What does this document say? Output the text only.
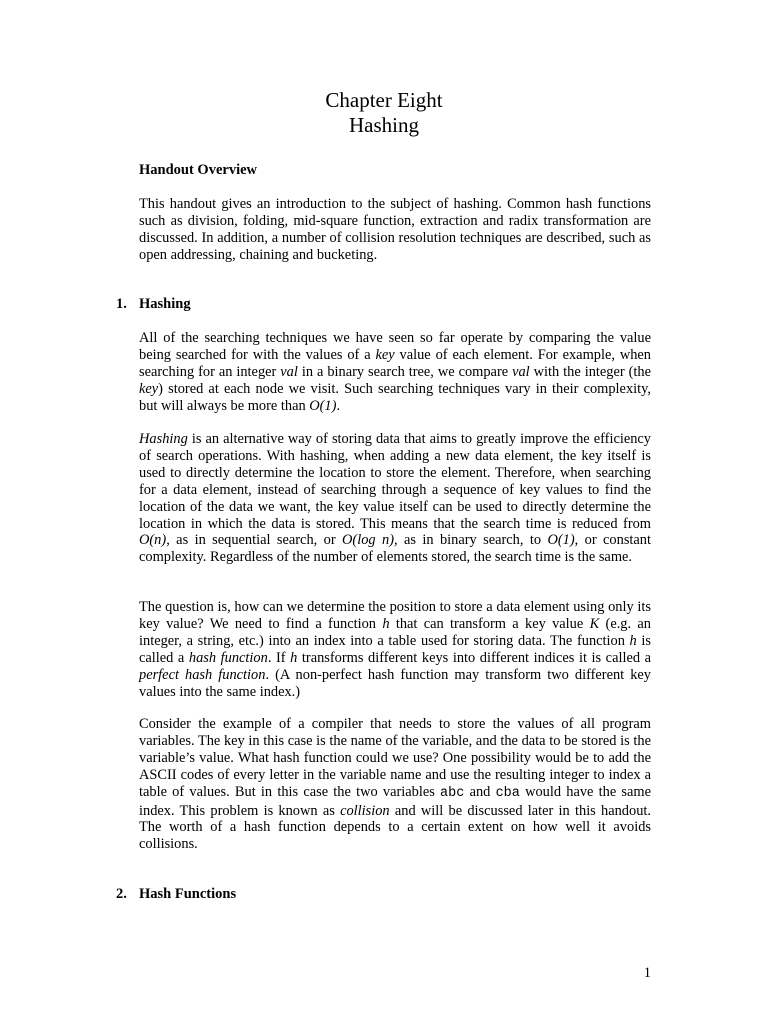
Chapter Eight
Hashing
Handout Overview

This handout gives an introduction to the subject of hashing. Common hash functions such as division, folding, mid-square function, extraction and radix transformation are discussed. In addition, a number of collision resolution techniques are described, such as open addressing, chaining and bucketing.

1. Hashing

All of the searching techniques we have seen so far operate by comparing the value being searched for with the values of a key value of each element. For example, when searching for an integer val in a binary search tree, we compare val with the integer (the key) stored at each node we visit. Such searching techniques vary in their complexity, but will always be more than O(1).

Hashing is an alternative way of storing data that aims to greatly improve the efficiency of search operations. With hashing, when adding a new data element, the key itself is used to directly determine the location to store the element. Therefore, when searching for a data element, instead of searching through a sequence of key values to find the location of the data we want, the key value itself can be used to directly determine the location in which the data is stored. This means that the search time is reduced from O(n), as in sequential search, or O(log n), as in binary search, to O(1), or constant complexity. Regardless of the number of elements stored, the search time is the same.

The question is, how can we determine the position to store a data element using only its key value? We need to find a function h that can transform a key value K (e.g. an integer, a string, etc.) into an index into a table used for storing data. The function h is called a hash function. If h transforms different keys into different indices it is called a perfect hash function. (A non-perfect hash function may transform two different key values into the same index.)

Consider the example of a compiler that needs to store the values of all program variables. The key in this case is the name of the variable, and the data to be stored is the variable’s value. What hash function could we use? One possibility would be to add the ASCII codes of every letter in the variable name and use the resulting integer to index a table of values. But in this case the two variables abc and cba would have the same index. This problem is known as collision and will be discussed later in this handout. The worth of a hash function depends to a certain extent on how well it avoids collisions.

2. Hash Functions
1
